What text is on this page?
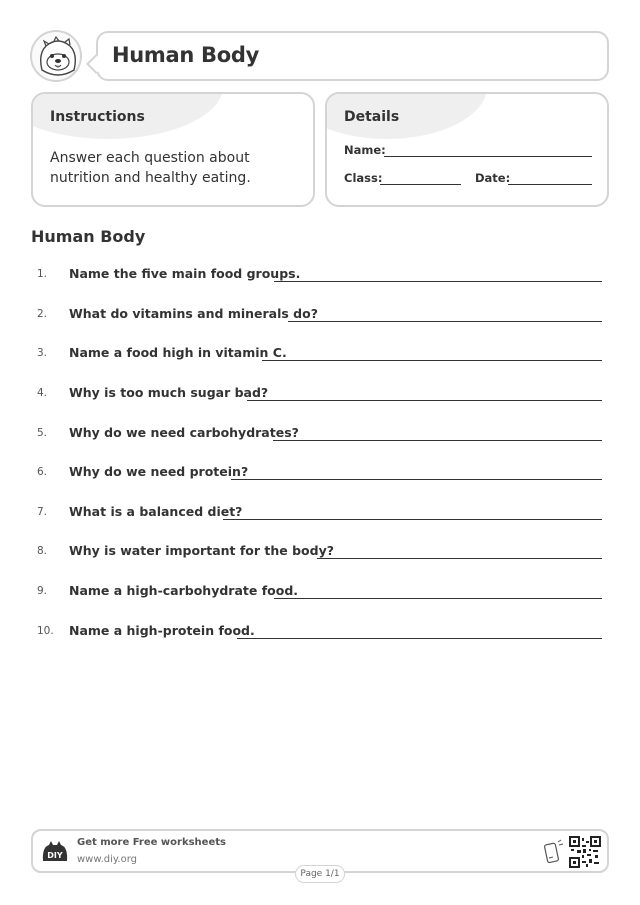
Human Body
Instructions
Answer each question about nutrition and healthy eating.
Details
Name:
Class:	Date:
Human Body
1.	Name the five main food groups.
2.	What do vitamins and minerals do?
3.	Name a food high in vitamin C.
4.	Why is too much sugar bad?
5.	Why do we need carbohydrates?
6.	Why do we need protein?
7.	What is a balanced diet?
8.	Why is water important for the body?
9.	Name a high-carbohydrate food.
10.	Name a high-protein food.
DIY
Get more Free worksheets
www.diy.org
Page 1/1
